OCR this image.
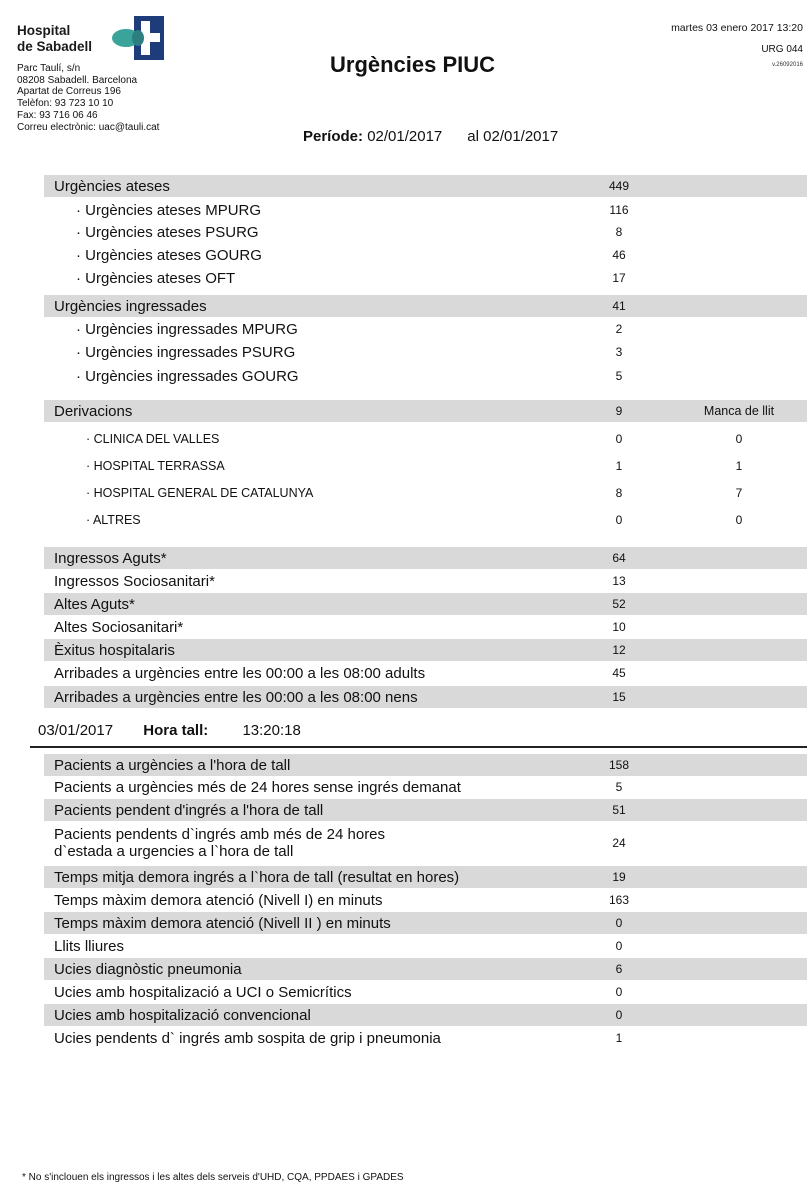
Hospital
de Sabadell
Parc Taulí, s/n
08208 Sabadell. Barcelona
Apartat de Correus 196
Telèfon: 93 723 10 10
Fax: 93 716 06 46
Correu electrònic: uac@tauli.cat
Urgències PIUC
martes 03 enero 2017 13:20
URG 044
v.26092016
Període: 02/01/2017 al 02/01/2017
Urgències ateses	449
· Urgències ateses MPURG	116
· Urgències ateses PSURG	8
· Urgències ateses GOURG	46
· Urgències ateses OFT	17
Urgències ingressades	41
· Urgències ingressades MPURG	2
· Urgències ingressades PSURG	3
· Urgències ingressades GOURG	5
Derivacions	9	Manca de llit
· CLINICA DEL VALLES	0	0
· HOSPITAL TERRASSA	1	1
· HOSPITAL GENERAL DE CATALUNYA	8	7
· ALTRES	0	0
Ingressos Aguts*	64
Ingressos Sociosanitari*	13
Altes Aguts*	52
Altes Sociosanitari*	10
Èxitus hospitalaris	12
Arribades a urgències entre les 00:00 a les 08:00 adults	45
Arribades a urgències entre les 00:00 a les 08:00 nens	15
03/01/2017 Hora tall: 13:20:18
Pacients a urgències a l'hora de tall	158
Pacients a urgències més de 24 hores sense ingrés demanat	5
Pacients pendent d'ingrés a l'hora de tall	51
Pacients pendents d`ingrés amb més de 24 hores
d`estada a urgencies a l`hora de tall	24
Temps mitja demora ingrés a l`hora de tall (resultat en hores)	19
Temps màxim demora atenció (Nivell I) en minuts	163
Temps màxim demora atenció (Nivell II ) en minuts	0
Llits lliures	0
Ucies diagnòstic pneumonia	6
Ucies amb hospitalizació a UCI o Semicrítics	0
Ucies amb hospitalizació convencional	0
Ucies pendents d` ingrés amb sospita de grip i pneumonia	1
* No s'inclouen els ingressos i les altes dels serveis d'UHD, CQA, PPDAES i GPADES
